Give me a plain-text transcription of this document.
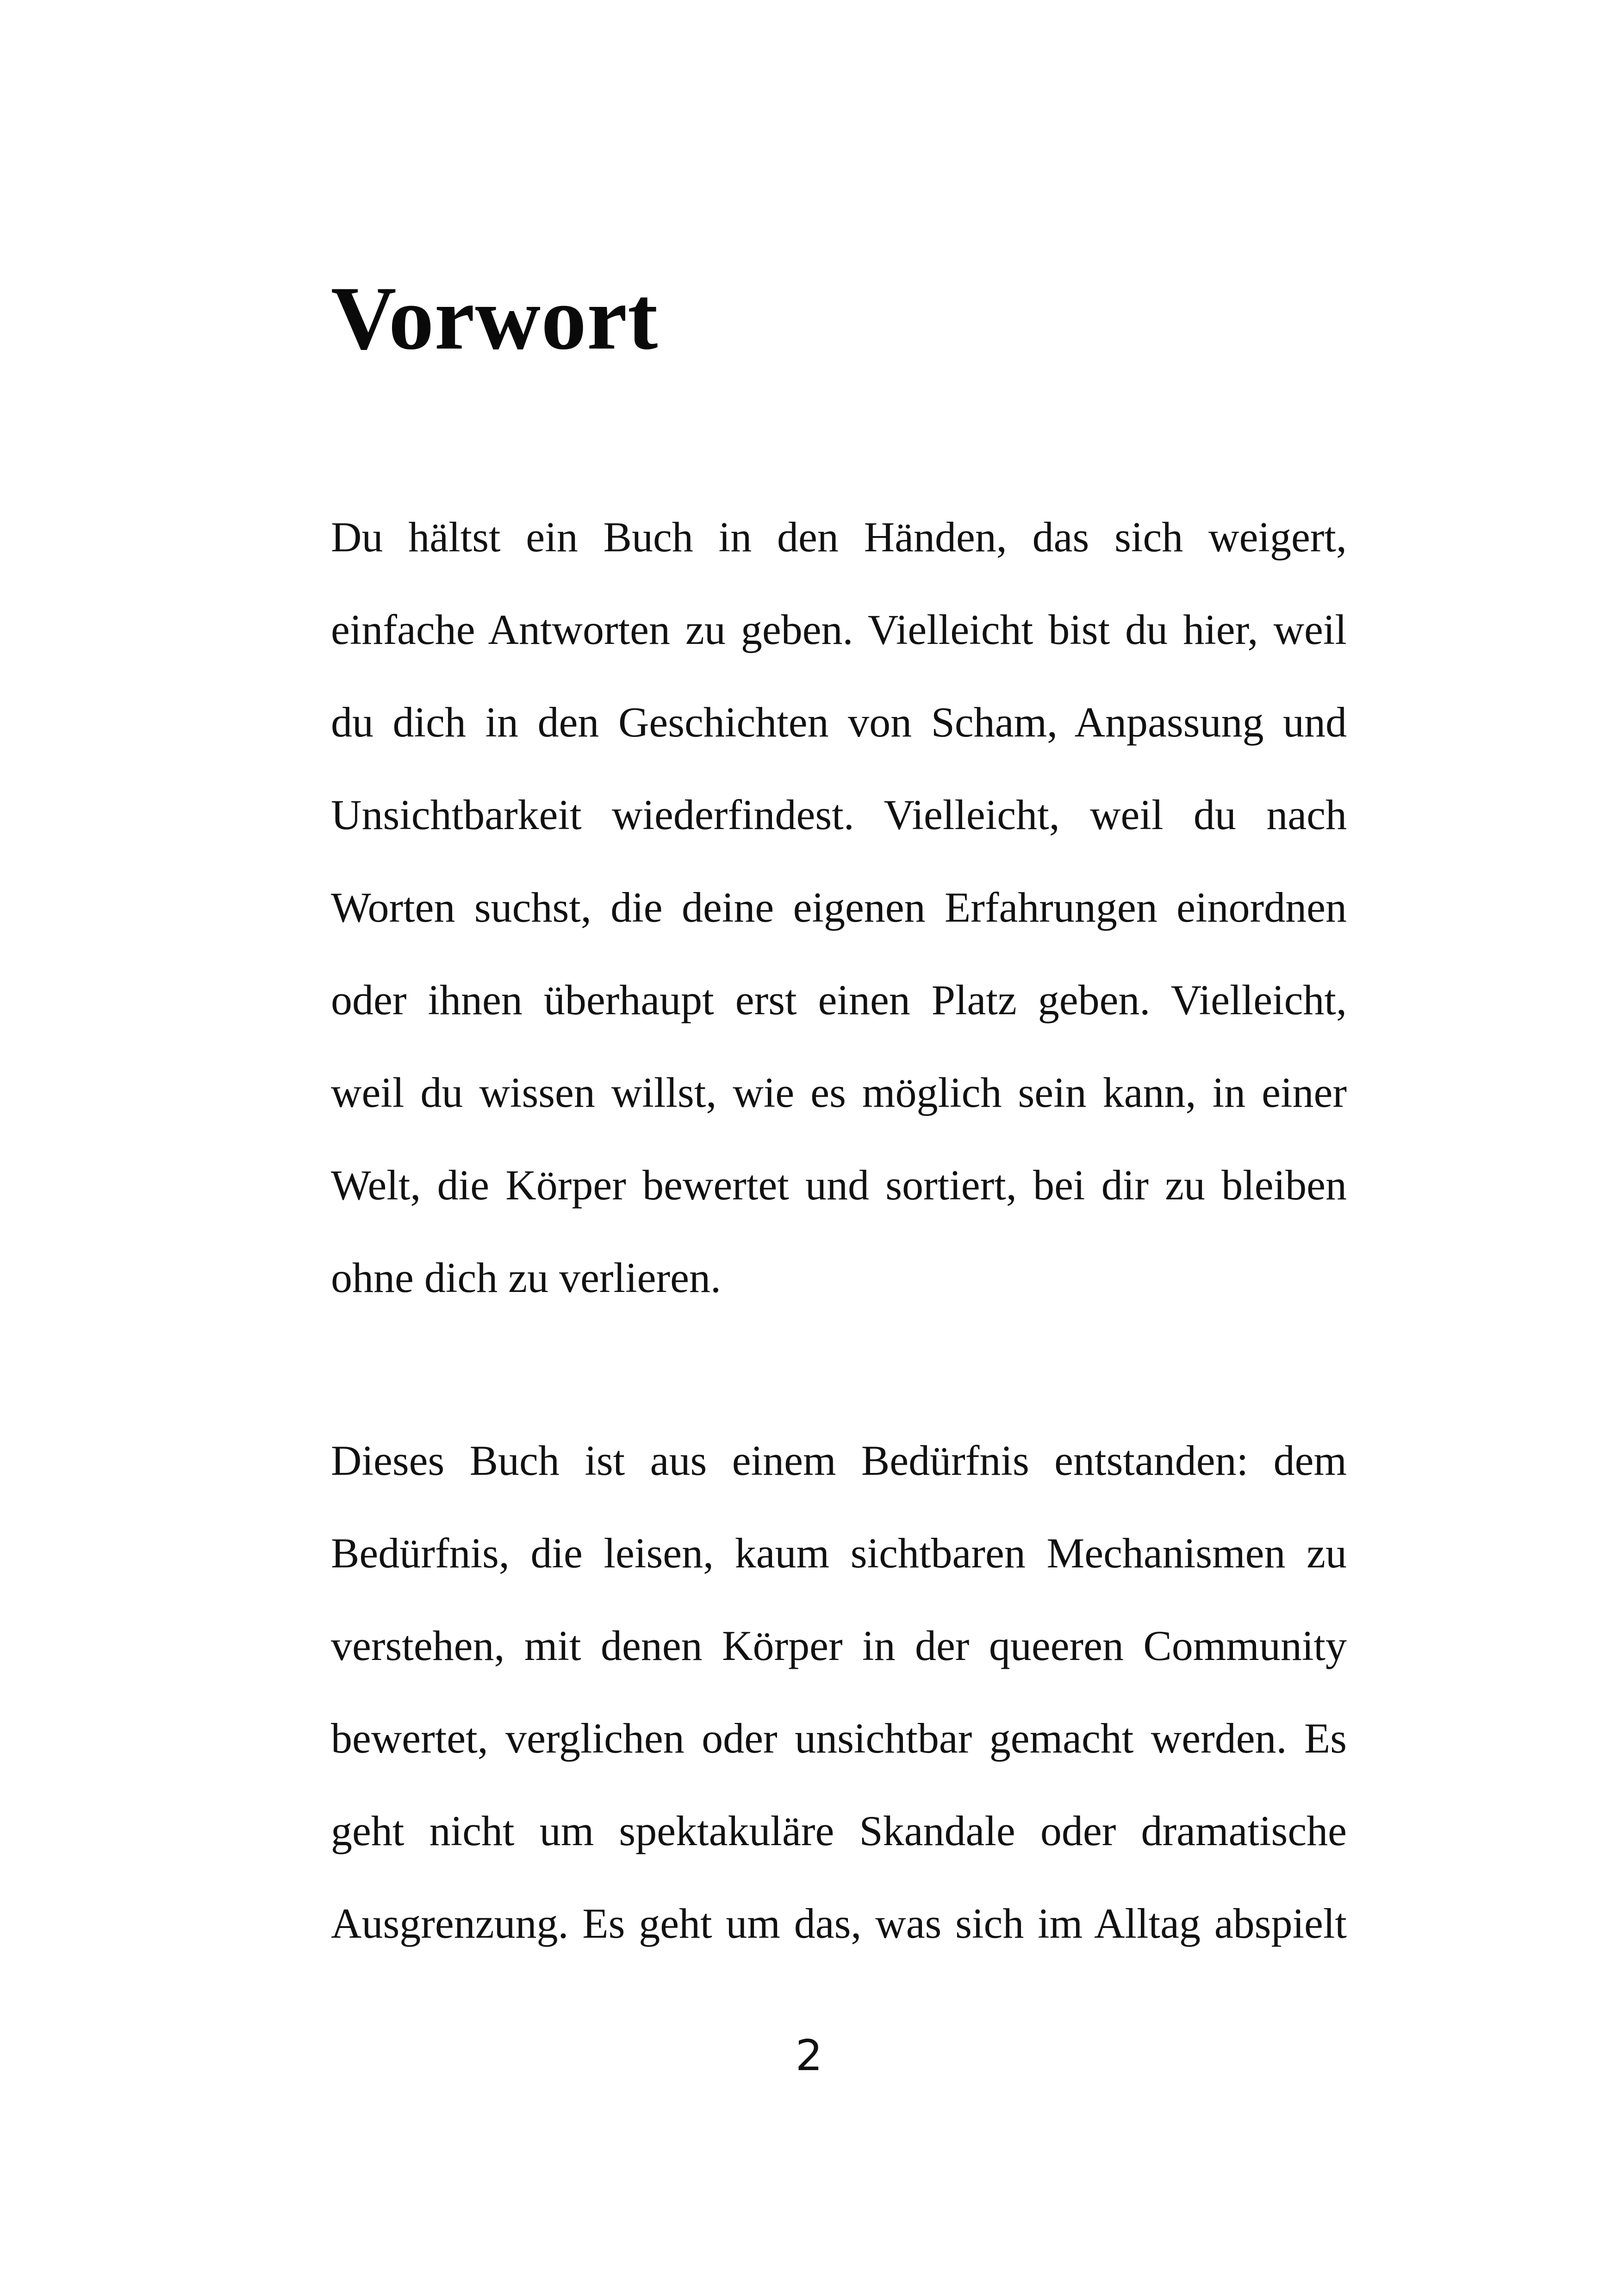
Vorwort

Du hältst ein Buch in den Händen, das sich weigert,
einfache Antworten zu geben. Vielleicht bist du hier, weil
du dich in den Geschichten von Scham, Anpassung und
Unsichtbarkeit wiederfindest. Vielleicht, weil du nach
Worten suchst, die deine eigenen Erfahrungen einordnen
oder ihnen überhaupt erst einen Platz geben. Vielleicht,
weil du wissen willst, wie es möglich sein kann, in einer
Welt, die Körper bewertet und sortiert, bei dir zu bleiben
ohne dich zu verlieren.

Dieses Buch ist aus einem Bedürfnis entstanden: dem
Bedürfnis, die leisen, kaum sichtbaren Mechanismen zu
verstehen, mit denen Körper in der queeren Community
bewertet, verglichen oder unsichtbar gemacht werden. Es
geht nicht um spektakuläre Skandale oder dramatische
Ausgrenzung. Es geht um das, was sich im Alltag abspielt

2
